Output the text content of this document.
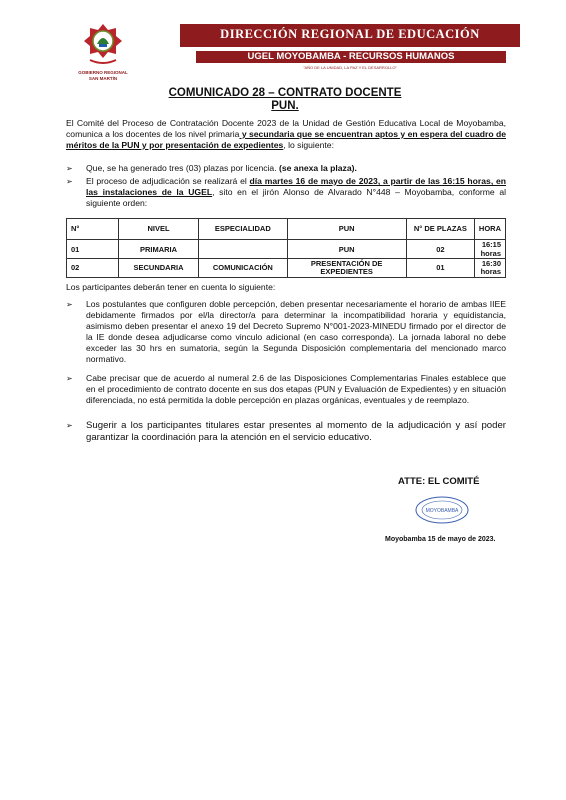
GOBIERNO REGIONAL
SAN MARTÍN
DIRECCIÓN REGIONAL DE EDUCACIÓN
UGEL MOYOBAMBA - RECURSOS HUMANOS
"AÑO DE LA UNIDAD, LA PAZ Y EL DESARROLLO"
COMUNICADO 28 – CONTRATO DOCENTE
PUN.
El Comité del Proceso de Contratación Docente 2023 de la Unidad de Gestión Educativa Local de Moyobamba, comunica a los docentes de los nivel primaria y secundaria que se encuentran aptos y en espera del cuadro de méritos de la PUN y por presentación de expedientes, lo siguiente:
➢ Que, se ha generado tres (03) plazas por licencia. (se anexa la plaza).
➢ El proceso de adjudicación se realizará el día martes 16 de mayo de 2023, a partir de las 16:15 horas, en las instalaciones de la UGEL, sito en el jirón Alonso de Alvarado N°448 – Moyobamba, conforme al siguiente orden:
N°	NIVEL	ESPECIALIDAD	PUN	N° DE PLAZAS	HORA
01	PRIMARIA		PUN	02	16:15 horas
02	SECUNDARIA	COMUNICACIÓN	PRESENTACIÓN DE EXPEDIENTES	01	16:30 horas
Los participantes deberán tener en cuenta lo siguiente:
➢ Los postulantes que configuren doble percepción, deben presentar necesariamente el horario de ambas IIEE debidamente firmados por el/la director/a para determinar la incompatibilidad horaria y equidistancia, asimismo deben presentar el anexo 19 del Decreto Supremo N°001-2023-MINEDU firmado por el director de la IE donde desea adjudicarse como vinculo adicional (en caso corresponda). La jornada laboral no debe exceder las 30 hrs en sumatoria, según la Segunda Disposición complementaria del mencionado marco normativo.
➢ Cabe precisar que de acuerdo al numeral 2.6 de las Disposiciones Complementarias Finales establece que en el procedimiento de contrato docente en sus dos etapas (PUN y Evaluación de Expedientes) y en situación diferenciada, no está permitida la doble percepción en plazas orgánicas, eventuales y de reemplazo.
➢ Sugerir a los participantes titulares estar presentes al momento de la adjudicación y así poder garantizar la coordinación para la atención en el servicio educativo.
ATTE: EL COMITÉ
MOYOBAMBA
Moyobamba 15 de mayo de 2023.
